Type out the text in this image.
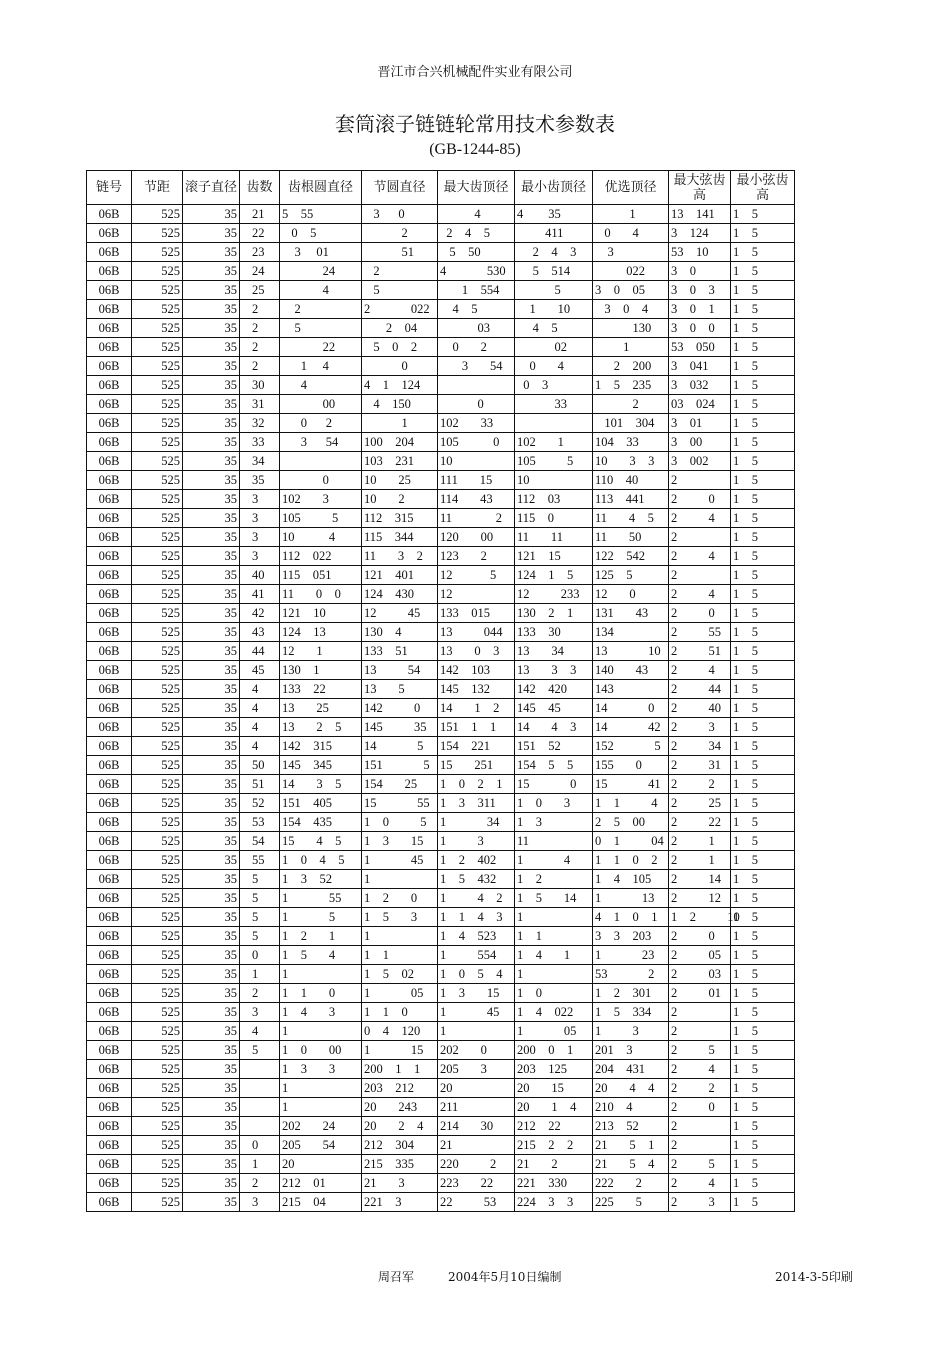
晋江市合兴机械配件实业有限公司
套筒滚子链链轮常用技术参数表
(GB-1244-85)
链号	节距	滚子直径	齿数	齿根圆直径	节圆直径	最大齿顶径	最小齿顶径	优选顶径	最大弦齿高	最小弦齿高
06B	525	35	21	5    55	3      0	4	4        35	1	13    141	1    5
06B	525	35	22	0    5	2	2    4    5	411	0       4	3    124	1    5
06B	525	35	23	3     01	51	5    50	2    4    3	3	53    10	1    5
06B	525	35	24	24	2	4             530	5    514	022	3    0	1    5
06B	525	35	25	4	5	1    554	5	3    0    05	3    0    3	1    5
06B	525	35	2	2	2             022	4    5	1       10	3    0    4	3    0    1	1    5
06B	525	35	2	5	2    04	03	4    5	130	3    0    0	1    5
06B	525	35	2	22	5    0    2	0       2	02	1	53    050	1    5
06B	525	35	2	1     4	0	3       54	0       4	2    200	3    041	1    5
06B	525	35	30	4	4    1    124		0    3	1    5    235	3    032	1    5
06B	525	35	31	00	4    150	0	33	2	03    024	1    5
06B	525	35	32	0      2	1	102       33		101    304	3    01	1    5
06B	525	35	33	3      54	100    204	105           0	102       1	104    33	3    00	1    5
06B	525	35	34		103    231	10	105          5	10       3    3	3    002	1    5
06B	525	35	35	0	10       25	111       15	10	110    40	2	1    5
06B	525	35	3	102       3	10       2	114       43	112    03	113    441	2          0	1    5
06B	525	35	3	105          5	112    315	11              2	115    0	11       4    5	2          4	1    5
06B	525	35	3	10           4	115    344	120       00	11       11	11       50	2	1    5
06B	525	35	3	112    022	11       3    2	123       2	121    15	122    542	2          4	1    5
06B	525	35	40	115    051	121    401	12            5	124    1    5	125    5	2	1    5
06B	525	35	41	11       0    0	124    430	12	12          233	12       0	2          4	1    5
06B	525	35	42	121    10	12          45	133    015	130    2    1	131       43	2          0	1    5
06B	525	35	43	124    13	130    4	13          044	133    30	134	2          55	1    5
06B	525	35	44	12       1	133    51	13       0    3	13       34	13             10	2          51	1    5
06B	525	35	45	130    1	13          54	142    103	13       3    3	140       43	2          4	1    5
06B	525	35	4	133    22	13       5	145    132	142    420	143	2          44	1    5
06B	525	35	4	13       25	142          0	14       1    2	145    45	14             0	2          40	1    5
06B	525	35	4	13       2    5	145          35	151    1    1	14       4    3	14             42	2          3	1    5
06B	525	35	4	142    315	14             5	154    221	151    52	152             5	2          34	1    5
06B	525	35	50	145    345	151             5	15       251	154    5    5	155       0	2          31	1    5
06B	525	35	51	14       3    5	154       25	1    0    2    1	15             0	15             41	2          2	1    5
06B	525	35	52	151    405	15             55	1    3    311	1    0       3	1    1          4	2          25	1    5
06B	525	35	53	154    435	1    0          5	1             34	1    3	2    5    00	2          22	1    5
06B	525	35	54	15       4    5	1    3       15	1          3	11	0    1          04	2          1	1    5
06B	525	35	55	1    0    4    5	1             45	1    2    402	1             4	1    1    0    2	2          1	1    5
06B	525	35	5	1    3    52	1	1    5    432	1    2	1    4    105	2          14	1    5
06B	525	35	5	1             55	1    2       0	1          4    2	1    5       14	1             13	2          12	1    5
06B	525	35	5	1             5	1    5       3	1    1    4    3	1	4    1    0    1	1    2          10	1    5
06B	525	35	5	1    2       1	1	1    4    523	1    1	3    3    203	2          0	1    5
06B	525	35	0	1    5       4	1    1	1          554	1    4       1	1             23	2          05	1    5
06B	525	35	1	1	1    5    02	1    0    5    4	1	53             2	2          03	1    5
06B	525	35	2	1    1       0	1             05	1    3       15	1    0	1    2    301	2          01	1    5
06B	525	35	3	1    4       3	1    1    0	1             45	1    4    022	1    5    334	2	1    5
06B	525	35	4	1	0    4    120	1	1             05	1          3	2	1    5
06B	525	35	5	1    0       00	1             15	202       0	200    0    1	201    3	2          5	1    5
06B	525	35		1    3       3	200    1    1	205       3	203    125	204    431	2          4	1    5
06B	525	35		1	203    212	20	20       15	20       4    4	2          2	1    5
06B	525	35		1	20       243	211	20       1    4	210    4	2          0	1    5
06B	525	35		202       24	20       2    4	214       30	212    22	213    52	2	1    5
06B	525	35	0	205       54	212    304	21	215    2    2	21       5    1	2	1    5
06B	525	35	1	20	215    335	220          2	21       2	21       5    4	2          5	1    5
06B	525	35	2	212    01	21       3	223       22	221    330	222       2	2          4	1    5
06B	525	35	3	215    04	221    3	22          53	224    3    3	225       5	2          3	1    5
周召军	2004年5月10日编制	2014-3-5印刷
